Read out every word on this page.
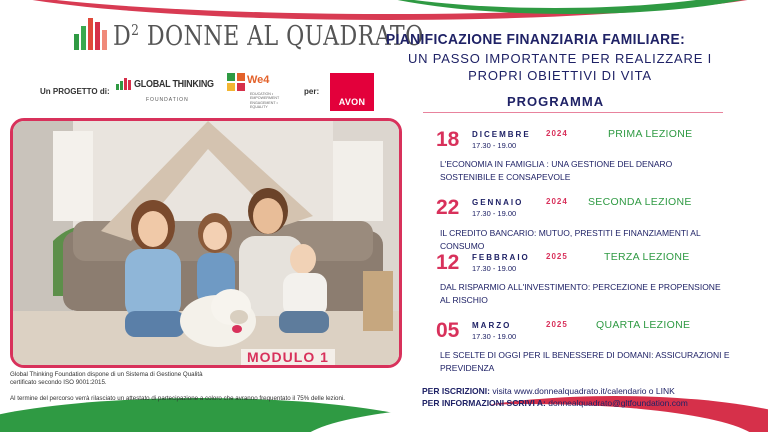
$D^2$ DONNE AL QUADRATO
Un PROGETTO di:
GLOBAL THINKING
FOUNDATION
We4
EDUCATION • EMPOWERMENT ENGAGEMENT • EQUALITY
per:
AVON
MODULO 1
Global Thinking Foundation dispone di un Sistema di Gestione Qualità certificato secondo ISO 9001:2015.
Al termine del percorso verrà rilasciato un attestato di partecipazione a coloro che avranno frequentato il 75% delle lezioni.
PIANIFICAZIONE FINANZIARIA FAMILIARE:
UN PASSO IMPORTANTE PER REALIZZARE I PROPRI OBIETTIVI DI VITA
PROGRAMMA
18 DICEMBRE 2024
17.30 - 19.00
PRIMA LEZIONE
L'ECONOMIA IN FAMIGLIA : UNA GESTIONE DEL DENARO SOSTENIBILE E CONSAPEVOLE
22 GENNAIO	2024
17.30 - 19.00
SECONDA LEZIONE
IL CREDITO BANCARIO: MUTUO, PRESTITI E FINANZIAMENTI AL CONSUMO
12 FEBBRAIO 2025
17.30 - 19.00
TERZA LEZIONE
DAL RISPARMIO ALL'INVESTIMENTO: PERCEZIONE E PROPENSIONE AL RISCHIO
05 MARZO	2025
17.30 - 19.00
QUARTA LEZIONE
LE SCELTE DI OGGI PER IL BENESSERE DI DOMANI: ASSICURAZIONI E PREVIDENZA
PER ISCRIZIONI: visita www.donnealquadrato.it/calendario o LINK
PER INFORMAZIONI SCRIVI A: donnealquadrato@gltfoundation.com
